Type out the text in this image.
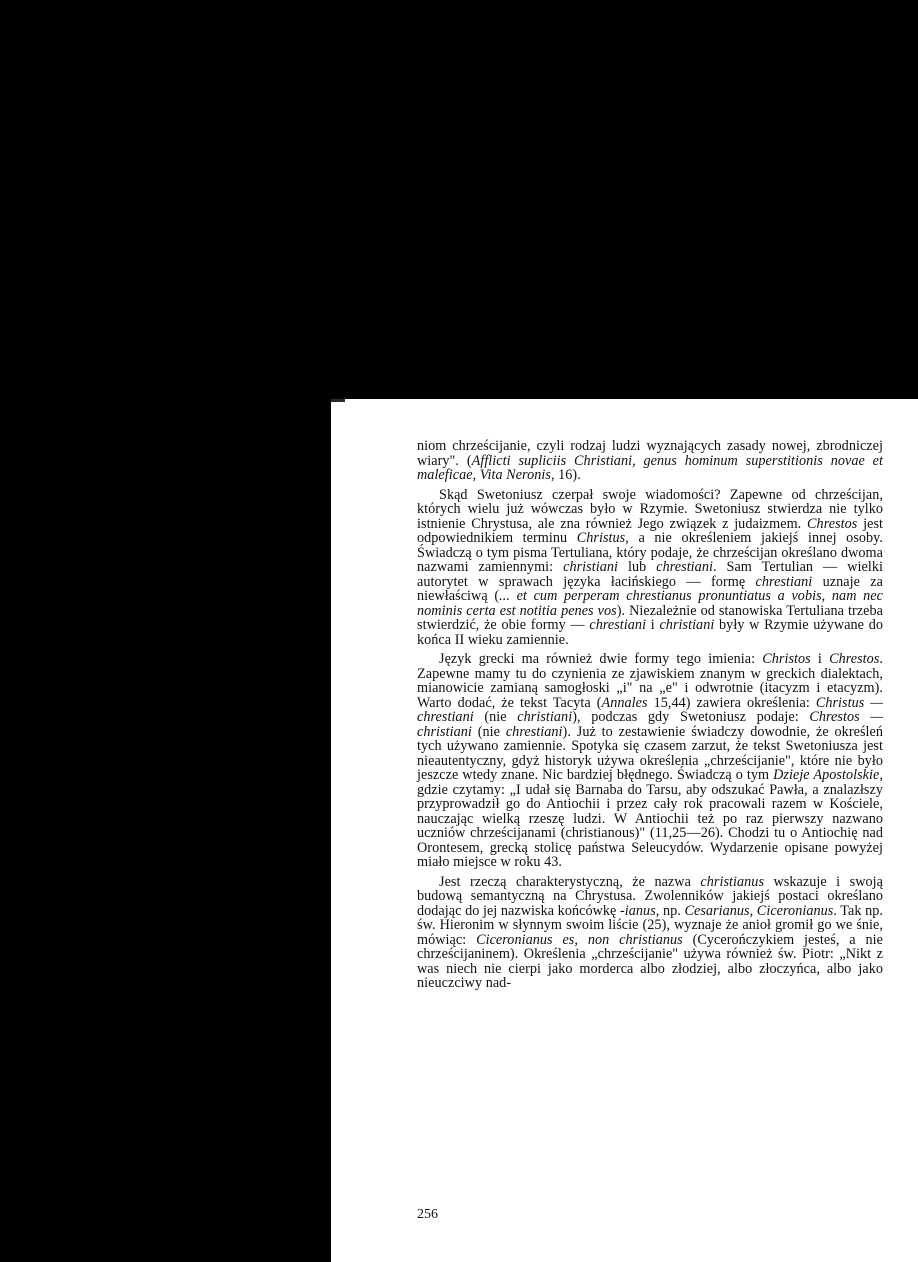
niom chrześcijanie, czyli rodzaj ludzi wyznających zasady nowej, zbrodniczej wiary". (Afflicti supliciis Christiani, genus hominum superstitionis novae et maleficae, Vita Neronis, 16).

Skąd Swetoniusz czerpał swoje wiadomości? Zapewne od chrześcijan, których wielu już wówczas było w Rzymie. Swetoniusz stwierdza nie tylko istnienie Chrystusa, ale zna również Jego związek z judaizmem. Chrestos jest odpowiednikiem terminu Christus, a nie określeniem jakiejś innej osoby. Świadczą o tym pisma Tertuliana, który podaje, że chrześcijan określano dwoma nazwami zamiennymi: christiani lub chrestiani. Sam Tertulian — wielki autorytet w sprawach języka łacińskiego — formę chrestiani uznaje za niewłaściwą (... et cum perperam chrestianus pronuntiatus a vobis, nam nec nominis certa est notitia penes vos). Niezależnie od stanowiska Tertuliana trzeba stwierdzić, że obie formy — chrestiani i christiani były w Rzymie używane do końca II wieku zamiennie.

Język grecki ma również dwie formy tego imienia: Christos i Chrestos. Zapewne mamy tu do czynienia ze zjawiskiem znanym w greckich dialektach, mianowicie zamianą samogłoski „i" na „e" i odwrotnie (itacyzm i etacyzm). Warto dodać, że tekst Tacyta (Annales 15,44) zawiera określenia: Christus — chrestiani (nie christiani), podczas gdy Swetoniusz podaje: Chrestos — christiani (nie chrestiani). Już to zestawienie świadczy dowodnie, że określeń tych używano zamiennie. Spotyka się czasem zarzut, że tekst Swetoniusza jest nieautentyczny, gdyż historyk używa określenia „chrześcijanie", które nie było jeszcze wtedy znane. Nic bardziej błędnego. Świadczą o tym Dzieje Apostolskie, gdzie czytamy: „I udał się Barnaba do Tarsu, aby odszukać Pawła, a znalazłszy przyprowadził go do Antiochii i przez cały rok pracowali razem w Kościele, nauczając wielką rzeszę ludzi. W Antiochii też po raz pierwszy nazwano uczniów chrześcijanami (christianous)" (11,25—26). Chodzi tu o Antiochię nad Orontesem, grecką stolicę państwa Seleucydów. Wydarzenie opisane powyżej miało miejsce w roku 43.

Jest rzeczą charakterystyczną, że nazwa christianus wskazuje i swoją budową semantyczną na Chrystusa. Zwolenników jakiejś postaci określano dodając do jej nazwiska końcówkę -ianus, np. Cesarianus, Ciceronianus. Tak np. św. Hieronim w słynnym swoim liście (25), wyznaje że anioł gromił go we śnie, mówiąc: Ciceronianus es, non christianus (Cycerończykiem jesteś, a nie chrześcijaninem). Określenia „chrześcijanie" używa również św. Piotr: „Nikt z was niech nie cierpi jako morderca albo złodziej, albo złoczyńca, albo jako nieuczciwy nad-

256
